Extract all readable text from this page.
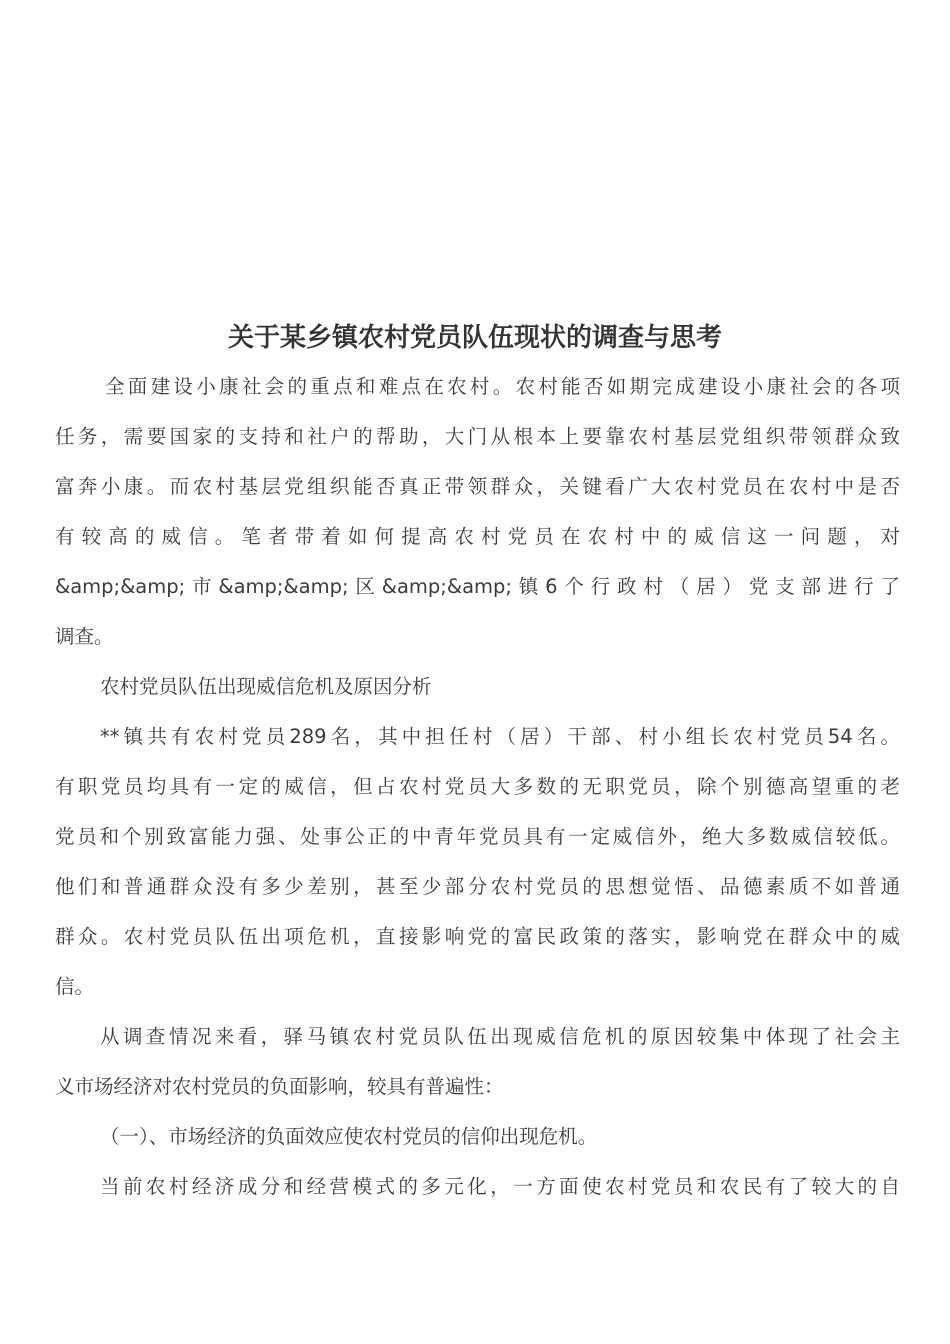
关于某乡镇农村党员队伍现状的调查与思考
全面建设小康社会的重点和难点在农村。农村能否如期完成建设小康社会的各项
任务，需要国家的支持和社户的帮助，大门从根本上要靠农村基层党组织带领群众致
富奔小康。而农村基层党组织能否真正带领群众，关键看广大农村党员在农村中是否
有较高的威信。笔者带着如何提高农村党员在农村中的威信这一问题，对
&amp;&amp;市&amp;&amp;区&amp;&amp;镇6个行政村（居）党支部进行了
调查。
农村党员队伍出现威信危机及原因分析
**镇共有农村党员289名，其中担任村（居）干部、村小组长农村党员54名。
有职党员均具有一定的威信，但占农村党员大多数的无职党员，除个别德高望重的老
党员和个别致富能力强、处事公正的中青年党员具有一定威信外，绝大多数威信较低。
他们和普通群众没有多少差别，甚至少部分农村党员的思想觉悟、品德素质不如普通
群众。农村党员队伍出项危机，直接影响党的富民政策的落实，影响党在群众中的威
信。
从调查情况来看，驿马镇农村党员队伍出现威信危机的原因较集中体现了社会主
义市场经济对农村党员的负面影响，较具有普遍性：
（一）、市场经济的负面效应使农村党员的信仰出现危机。
当前农村经济成分和经营模式的多元化，一方面使农村党员和农民有了较大的自
